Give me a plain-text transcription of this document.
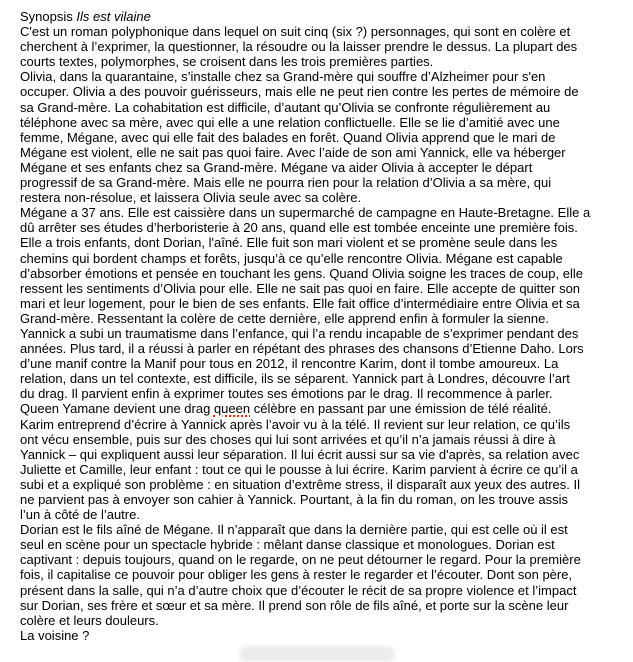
Synopsis Ils est vilaine
C'est un roman polyphonique dans lequel on suit cinq (six ?) personnages, qui sont en colère et
cherchent à l’exprimer, la questionner, la résoudre ou la laisser prendre le dessus. La plupart des
courts textes, polymorphes, se croisent dans les trois premières parties.
Olivia, dans la quarantaine, s’installe chez sa Grand-mère qui souffre d’Alzheimer pour s'en
occuper. Olivia a des pouvoir guérisseurs, mais elle ne peut rien contre les pertes de mémoire de
sa Grand-mère. La cohabitation est difficile, d’autant qu’Olivia se confronte régulièrement au
téléphone avec sa mère, avec qui elle a une relation conflictuelle. Elle se lie d’amitié avec une
femme, Mégane, avec qui elle fait des balades en forêt. Quand Olivia apprend que le mari de
Mégane est violent, elle ne sait pas quoi faire. Avec l’aide de son ami Yannick, elle va héberger
Mégane et ses enfants chez sa Grand-mère. Mégane va aider Olivia à accepter le départ
progressif de sa Grand-mère. Mais elle ne pourra rien pour la relation d’Olivia a sa mère, qui
restera non-résolue, et laissera Olivia seule avec sa colère.
Mégane a 37 ans. Elle est caissière dans un supermarché de campagne en Haute-Bretagne. Elle a
dû arrêter ses études d’herboristerie à 20 ans, quand elle est tombée enceinte une première fois.
Elle a trois enfants, dont Dorian, l'aîné. Elle fuit son mari violent et se promène seule dans les
chemins qui bordent champs et forêts, jusqu’à ce qu’elle rencontre Olivia. Mégane est capable
d’absorber émotions et pensée en touchant les gens. Quand Olivia soigne les traces de coup, elle
ressent les sentiments d’Olivia pour elle. Elle ne sait pas quoi en faire. Elle accepte de quitter son
mari et leur logement, pour le bien de ses enfants. Elle fait office d’intermédiaire entre Olivia et sa
Grand-mère. Ressentant la colère de cette dernière, elle apprend enfin à formuler la sienne.
Yannick a subi un traumatisme dans l’enfance, qui l’a rendu incapable de s’exprimer pendant des
années. Plus tard, il a réussi à parler en répétant des phrases des chansons d’Etienne Daho. Lors
d’une manif contre la Manif pour tous en 2012, il rencontre Karim, dont il tombe amoureux. La
relation, dans un tel contexte, est difficile, ils se séparent. Yannick part à Londres, découvre l’art
du drag. Il parvient enfin à exprimer toutes ses émotions par le drag. Il recommence à parler.
Queen Yamane devient une drag queen célèbre en passant par une émission de télé réalité.
Karim entreprend d’écrire à Yannick après l’avoir vu à la télé. Il revient sur leur relation, ce qu’ils
ont vécu ensemble, puis sur des choses qui lui sont arrivées et qu’il n’a jamais réussi à dire à
Yannick – qui expliquent aussi leur séparation. Il lui écrit aussi sur sa vie d'après, sa relation avec
Juliette et Camille, leur enfant : tout ce qui le pousse à lui écrire. Karim parvient à écrire ce qu’il a
subi et a expliqué son problème : en situation d’extrême stress, il disparaît aux yeux des autres. Il
ne parvient pas à envoyer son cahier à Yannick. Pourtant, à la fin du roman, on les trouve assis
l’un à côté de l’autre.
Dorian est le fils aîné de Mégane. Il n’apparaît que dans la dernière partie, qui est celle où il est
seul en scène pour un spectacle hybride : mêlant danse classique et monologues. Dorian est
captivant : depuis toujours, quand on le regarde, on ne peut détourner le regard. Pour la première
fois, il capitalise ce pouvoir pour obliger les gens à rester le regarder et l’écouter. Dont son père,
présent dans la salle, qui n’a d’autre choix que d’écouter le récit de sa propre violence et l’impact
sur Dorian, ses frère et sœur et sa mère. Il prend son rôle de fils aîné, et porte sur la scène leur
colère et leurs douleurs.
La voisine ?
